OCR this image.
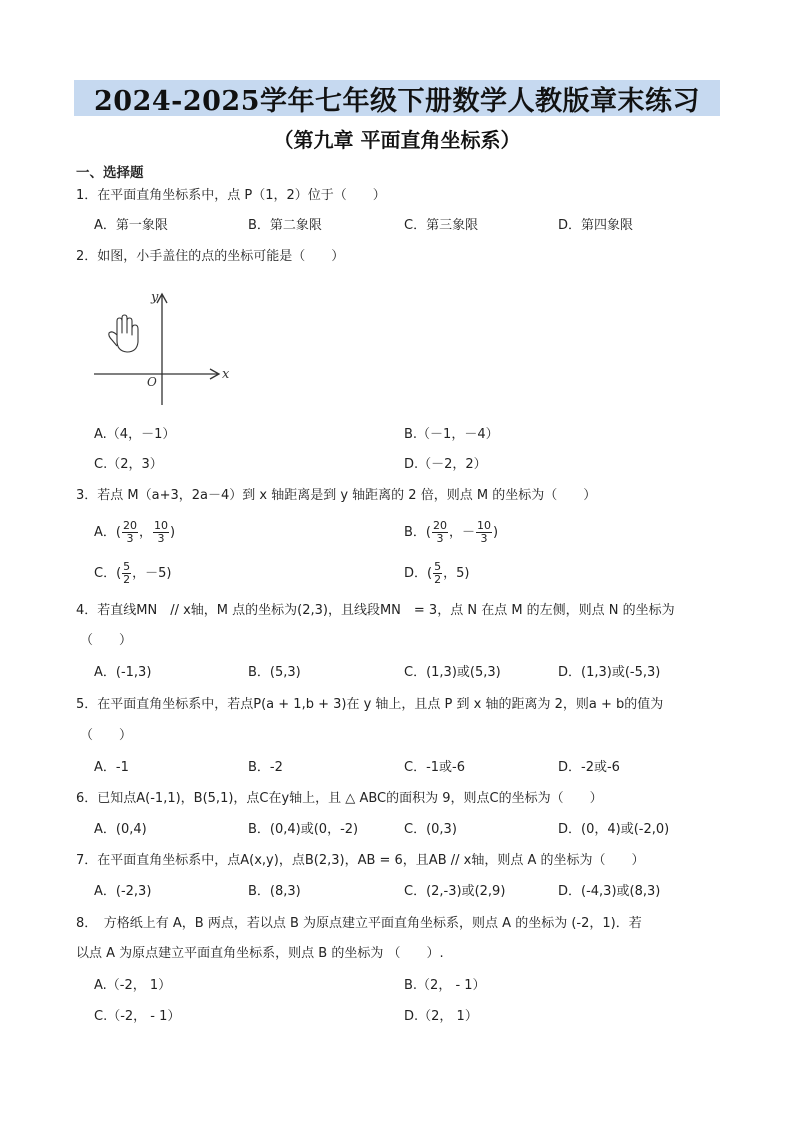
2024-2025学年七年级下册数学人教版章末练习
（第九章 平面直角坐标系）
一、选择题
1．在平面直角坐标系中，点 P（1，2）位于（　　）
A．第一象限	B．第二象限	C．第三象限	D．第四象限
2．如图，小手盖住的点的坐标可能是（　　）
x
y
O
A.（4，－1）	B.（－1，－4）
C.（2，3）	D.（－2，2）
3．若点 M（a+3，2a－4）到 x 轴距离是到 y 轴距离的 2 倍，则点 M 的坐标为（　　）
A．( $\frac{20}{3}$ ， $\frac{10}{3}$ )	B．( $\frac{20}{3}$ ，－ $\frac{10}{3}$ )
C．( $\frac{5}{2}$ ，－5)	D．( $\frac{5}{2}$ ，5)
4．若直线MN　// x轴，M 点的坐标为(2,3)，且线段MN　= 3，点 N 在点 M 的左侧，则点 N 的坐标为
（　　）
A．(-1,3)	B．(5,3)	C．(1,3)或(5,3)	D．(1,3)或(-5,3)
5．在平面直角坐标系中，若点P(a + 1,b + 3)在 y 轴上，且点 P 到 x 轴的距离为 2，则a + b的值为
（　　）
A．-1	B．-2	C．-1或-6	D．-2或-6
6．已知点A(-1,1)，B(5,1)，点C在y轴上，且 △ ABC的面积为 9，则点C的坐标为（　　）
A．(0,4)	B．(0,4)或(0，-2)	C．(0,3)	D．(0，4)或(-2,0)
7．在平面直角坐标系中，点A(x,y)，点B(2,3)，AB = 6，且AB // x轴，则点 A 的坐标为（　　）
A．(-2,3)	B．(8,3)	C．(2,-3)或(2,9)	D．(-4,3)或(8,3)
8．　方格纸上有 A，B 两点，若以点 B 为原点建立平面直角坐标系，则点 A 的坐标为 (-2，1)．若
以点 A 为原点建立平面直角坐标系，则点 B 的坐标为 （　　）.
A.（-2， 1）	B.（2， - 1）
C.（-2， - 1）	D.（2， 1）
